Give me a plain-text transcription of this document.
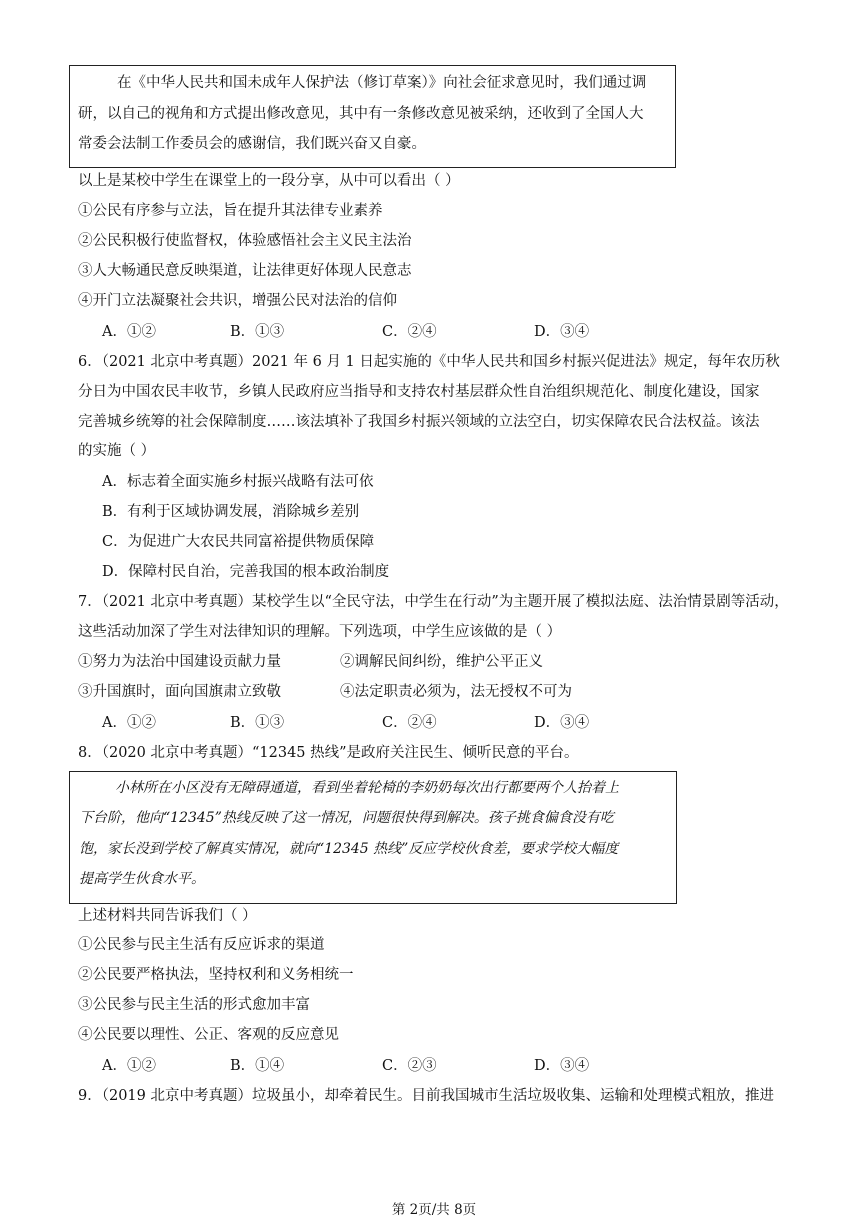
在《中华人民共和国未成年人保护法（修订草案）》向社会征求意见时，我们通过调
研，以自己的视角和方式提出修改意见，其中有一条修改意见被采纳，还收到了全国人大
常委会法制工作委员会的感谢信，我们既兴奋又自豪。
以上是某校中学生在课堂上的一段分享，从中可以看出（ ）
①公民有序参与立法，旨在提升其法律专业素养
②公民积极行使监督权，体验感悟社会主义民主法治
③人大畅通民意反映渠道，让法律更好体现人民意志
④开门立法凝聚社会共识，增强公民对法治的信仰
A．①②	B．①③	C．②④	D．③④
6．（2021 北京中考真题）2021 年 6 月 1 日起实施的《中华人民共和国乡村振兴促进法》规定，每年农历秋
分日为中国农民丰收节，乡镇人民政府应当指导和支持农村基层群众性自治组织规范化、制度化建设，国家
完善城乡统筹的社会保障制度……该法填补了我国乡村振兴领域的立法空白，切实保障农民合法权益。该法
的实施（ ）
A．标志着全面实施乡村振兴战略有法可依
B．有利于区域协调发展，消除城乡差别
C．为促进广大农民共同富裕提供物质保障
D．保障村民自治，完善我国的根本政治制度
7．（2021 北京中考真题）某校学生以“全民守法，中学生在行动”为主题开展了模拟法庭、法治情景剧等活动，
这些活动加深了学生对法律知识的理解。下列选项，中学生应该做的是（ ）
①努力为法治中国建设贡献力量	②调解民间纠纷，维护公平正义
③升国旗时，面向国旗肃立致敬	④法定职责必须为，法无授权不可为
A．①②	B．①③	C．②④	D．③④
8．（2020 北京中考真题）“12345 热线”是政府关注民生、倾听民意的平台。
小林所在小区没有无障碍通道，看到坐着轮椅的李奶奶每次出行都要两个人抬着上
下台阶，他向“12345”热线反映了这一情况，问题很快得到解决。孩子挑食偏食没有吃
饱，家长没到学校了解真实情况，就向“12345 热线”反应学校伙食差，要求学校大幅度
提高学生伙食水平。
上述材料共同告诉我们（ ）
①公民参与民主生活有反应诉求的渠道
②公民要严格执法，坚持权利和义务相统一
③公民参与民主生活的形式愈加丰富
④公民要以理性、公正、客观的反应意见
A．①②	B．①④	C．②③	D．③④
9．（2019 北京中考真题）垃圾虽小，却牵着民生。目前我国城市生活垃圾收集、运输和处理模式粗放，推进
第 2页/共 8页
